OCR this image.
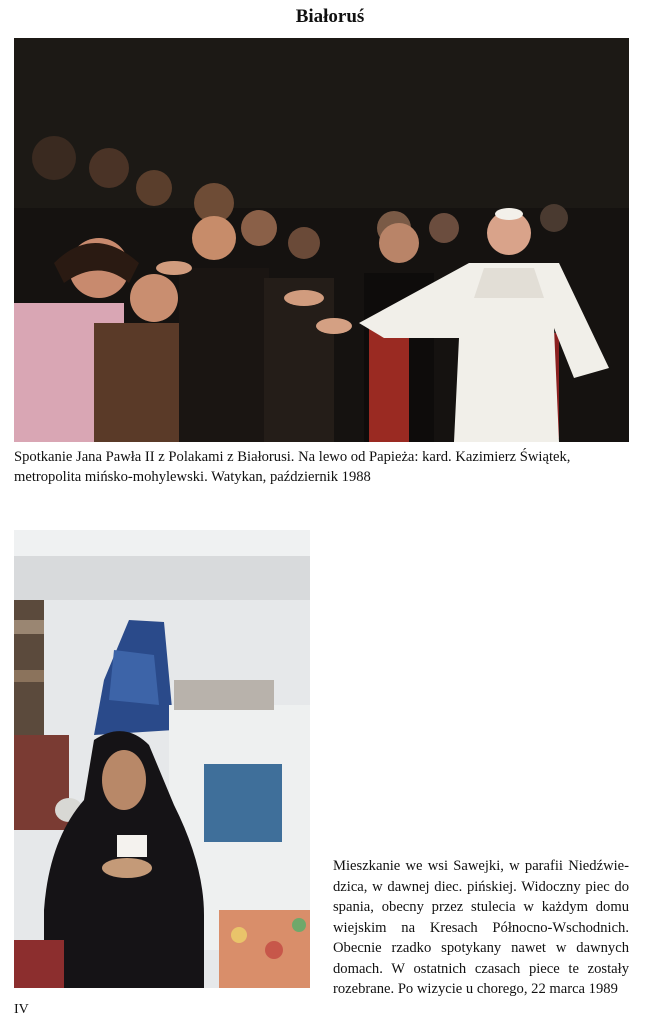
Białoruś
Spotkanie Jana Pawła II z Polakami z Białorusi. Na lewo od Papieża: kard. Kazimierz Świątek,
metropolita mińsko-mohylewski. Watykan, październik 1988
Mieszkanie we wsi Sawejki, w parafii Niedźwie-
dzica, w dawnej diec. pińskiej. Widoczny piec do
spania, obecny przez stulecia w każdym domu
wiejskim na Kresach Północno-Wschodnich.
Obecnie rzadko spotykany nawet w dawnych
domach. W ostatnich czasach piece te zostały
rozebrane. Po wizycie u chorego, 22 marca 1989
IV
